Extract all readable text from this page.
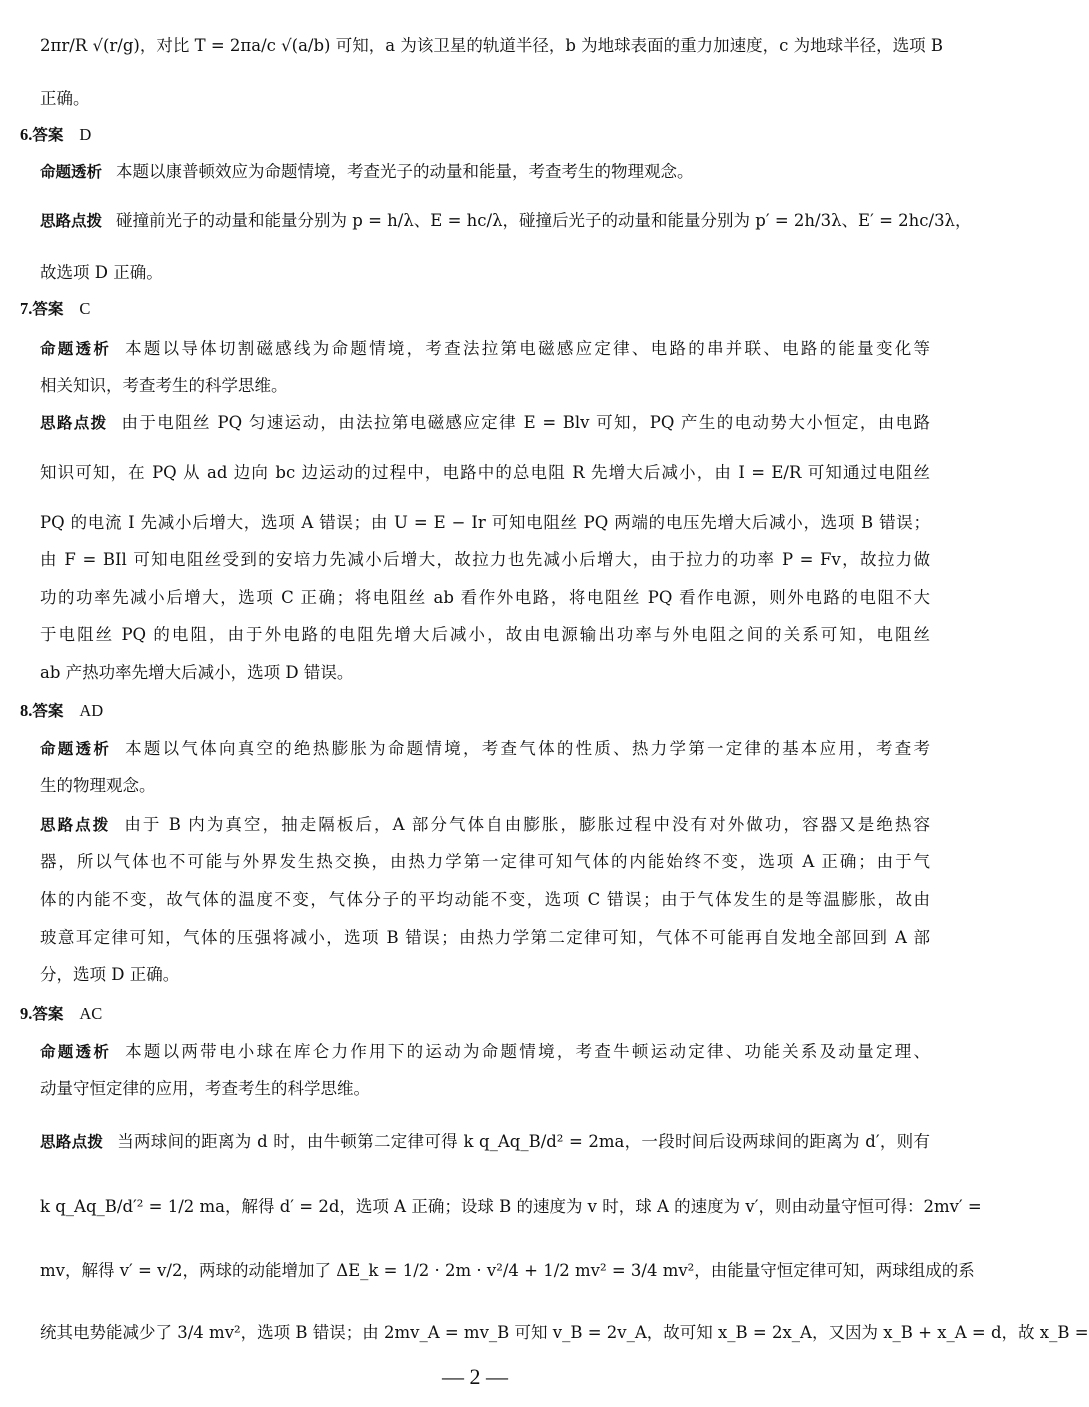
2πr/R √(r/g)，对比 T = 2πa/c √(a/b) 可知，a 为该卫星的轨道半径，b 为地球表面的重力加速度，c 为地球半径，选项 B
正确。
6.答案 D
命题透析 本题以康普顿效应为命题情境，考查光子的动量和能量，考查考生的物理观念。
思路点拨 碰撞前光子的动量和能量分别为 p = h/λ、E = hc/λ，碰撞后光子的动量和能量分别为 p′ = 2h/3λ、E′ = 2hc/3λ，
故选项 D 正确。
7.答案 C
命题透析 本题以导体切割磁感线为命题情境，考查法拉第电磁感应定律、电路的串并联、电路的能量变化等
相关知识，考查考生的科学思维。
思路点拨 由于电阻丝 PQ 匀速运动，由法拉第电磁感应定律 E = Blv 可知，PQ 产生的电动势大小恒定，由电路
知识可知，在 PQ 从 ad 边向 bc 边运动的过程中，电路中的总电阻 R 先增大后减小，由 I = E/R 可知通过电阻丝
PQ 的电流 I 先减小后增大，选项 A 错误；由 U = E − Ir 可知电阻丝 PQ 两端的电压先增大后减小，选项 B 错误；
由 F = BIl 可知电阻丝受到的安培力先减小后增大，故拉力也先减小后增大，由于拉力的功率 P = Fv，故拉力做
功的功率先减小后增大，选项 C 正确；将电阻丝 ab 看作外电路，将电阻丝 PQ 看作电源，则外电路的电阻不大
于电阻丝 PQ 的电阻，由于外电路的电阻先增大后减小，故由电源输出功率与外电阻之间的关系可知，电阻丝
ab 产热功率先增大后减小，选项 D 错误。
8.答案 AD
命题透析 本题以气体向真空的绝热膨胀为命题情境，考查气体的性质、热力学第一定律的基本应用，考查考
生的物理观念。
思路点拨 由于 B 内为真空，抽走隔板后，A 部分气体自由膨胀，膨胀过程中没有对外做功，容器又是绝热容
器，所以气体也不可能与外界发生热交换，由热力学第一定律可知气体的内能始终不变，选项 A 正确；由于气
体的内能不变，故气体的温度不变，气体分子的平均动能不变，选项 C 错误；由于气体发生的是等温膨胀，故由
玻意耳定律可知，气体的压强将减小，选项 B 错误；由热力学第二定律可知，气体不可能再自发地全部回到 A 部
分，选项 D 正确。
9.答案 AC
命题透析 本题以两带电小球在库仑力作用下的运动为命题情境，考查牛顿运动定律、功能关系及动量定理、
动量守恒定律的应用，考查考生的科学思维。
思路点拨 当两球间的距离为 d 时，由牛顿第二定律可得 k q_Aq_B/d² = 2ma，一段时间后设两球间的距离为 d′，则有
k q_Aq_B/d′² = 1/2 ma，解得 d′ = 2d，选项 A 正确；设球 B 的速度为 v 时，球 A 的速度为 v′，则由动量守恒可得：2mv′ =
mv，解得 v′ = v/2，两球的动能增加了 ΔE_k = 1/2 · 2m · v²/4 + 1/2 mv² = 3/4 mv²，由能量守恒定律可知，两球组成的系
统其电势能减少了 3/4 mv²，选项 B 错误；由 2mv_A = mv_B 可知 v_B = 2v_A，故可知 x_B = 2x_A，又因为 x_B + x_A = d，故 x_B =
— 2 —
